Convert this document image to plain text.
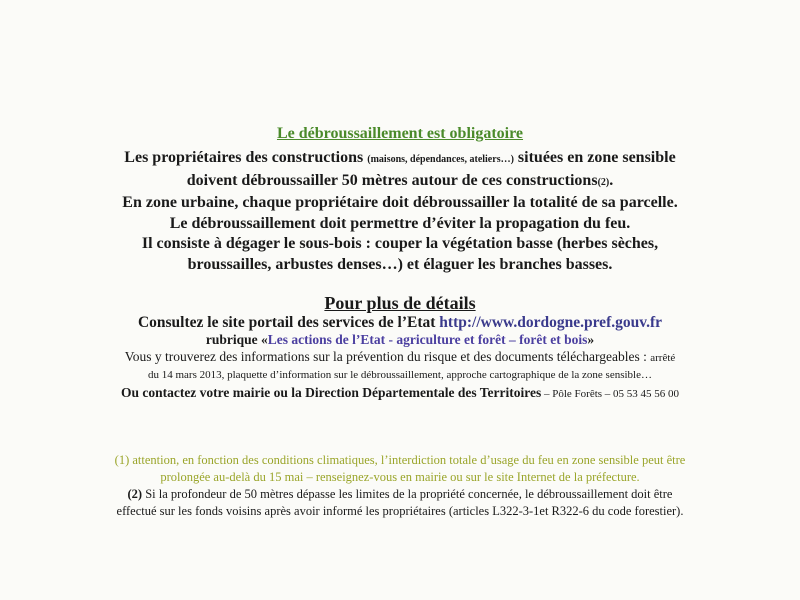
Le débroussaillement est obligatoire
Les propriétaires des constructions (maisons, dépendances, ateliers…) situées en zone sensible
doivent débroussailler 50 mètres autour de ces constructions(2).
En zone urbaine, chaque propriétaire doit débroussailler la totalité de sa parcelle.
Le débroussaillement doit permettre d’éviter la propagation du feu.
Il consiste à dégager le sous-bois : couper la végétation basse (herbes sèches,
broussailles, arbustes denses…) et élaguer les branches basses.
Pour plus de détails
Consultez le site portail des services de l’Etat http://www.dordogne.pref.gouv.fr
rubrique «Les actions de l’Etat - agriculture et forêt – forêt et bois»
Vous y trouverez des informations sur la prévention du risque et des documents téléchargeables : arrêté
du 14 mars 2013, plaquette d’information sur le débroussaillement, approche cartographique de la zone sensible…
Ou contactez votre mairie ou la Direction Départementale des Territoires – Pôle Forêts – 05 53 45 56 00
(1) attention, en fonction des conditions climatiques, l’interdiction totale d’usage du feu en zone sensible peut être
prolongée au-delà du 15 mai – renseignez-vous en mairie ou sur le site Internet de la préfecture.
(2) Si la profondeur de 50 mètres dépasse les limites de la propriété concernée, le débroussaillement doit être
effectué sur les fonds voisins après avoir informé les propriétaires (articles L322-3-1et R322-6 du code forestier).
